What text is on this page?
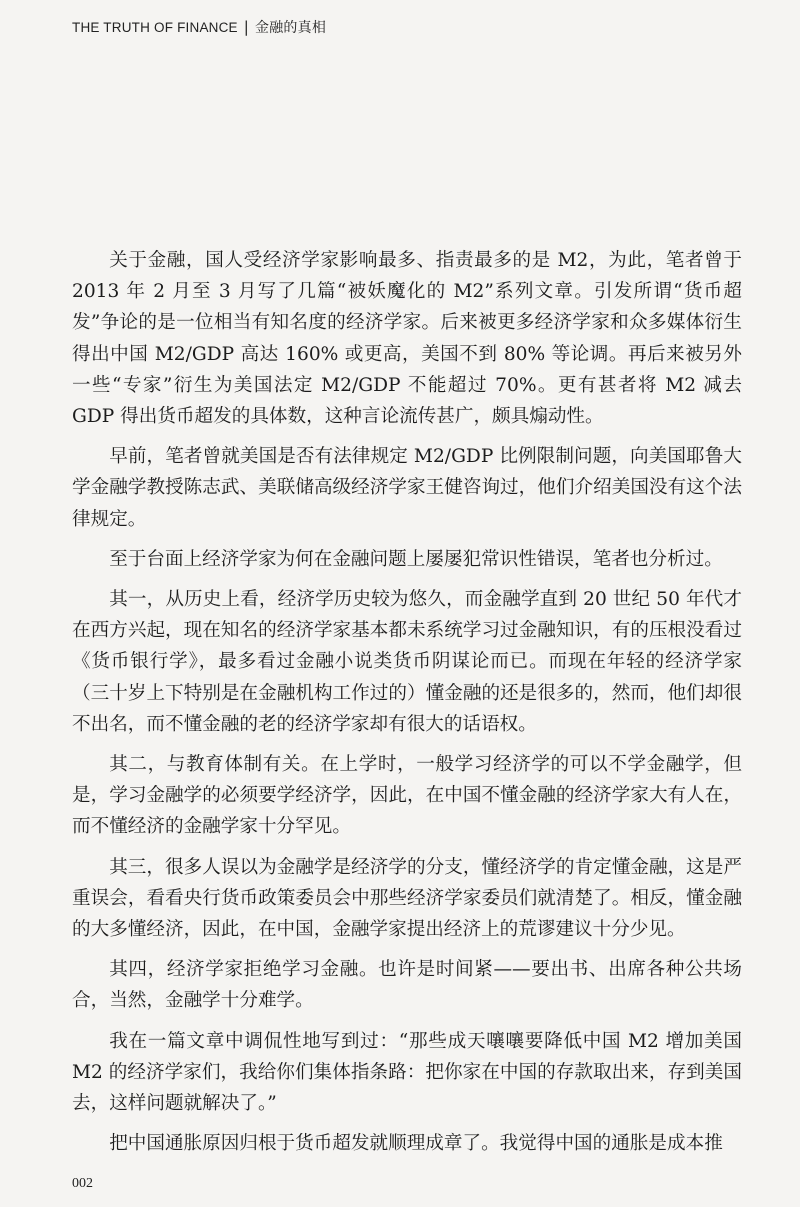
THE TRUTH OF FINANCE | 金融的真相

关于金融，国人受经济学家影响最多、指责最多的是 M2，为此，笔者曾于 2013 年 2 月至 3 月写了几篇“被妖魔化的 M2”系列文章。引发所谓“货币超发”争论的是一位相当有知名度的经济学家。后来被更多经济学家和众多媒体衍生得出中国 M2/GDP 高达 160% 或更高，美国不到 80% 等论调。再后来被另外一些“专家”衍生为美国法定 M2/GDP 不能超过 70%。更有甚者将 M2 减去 GDP 得出货币超发的具体数，这种言论流传甚广，颇具煽动性。

早前，笔者曾就美国是否有法律规定 M2/GDP 比例限制问题，向美国耶鲁大学金融学教授陈志武、美联储高级经济学家王健咨询过，他们介绍美国没有这个法律规定。

至于台面上经济学家为何在金融问题上屡屡犯常识性错误，笔者也分析过。

其一，从历史上看，经济学历史较为悠久，而金融学直到 20 世纪 50 年代才在西方兴起，现在知名的经济学家基本都未系统学习过金融知识，有的压根没看过《货币银行学》，最多看过金融小说类货币阴谋论而已。而现在年轻的经济学家（三十岁上下特别是在金融机构工作过的）懂金融的还是很多的，然而，他们却很不出名，而不懂金融的老的经济学家却有很大的话语权。

其二，与教育体制有关。在上学时，一般学习经济学的可以不学金融学，但是，学习金融学的必须要学经济学，因此，在中国不懂金融的经济学家大有人在，而不懂经济的金融学家十分罕见。

其三，很多人误以为金融学是经济学的分支，懂经济学的肯定懂金融，这是严重误会，看看央行货币政策委员会中那些经济学家委员们就清楚了。相反，懂金融的大多懂经济，因此，在中国，金融学家提出经济上的荒谬建议十分少见。

其四，经济学家拒绝学习金融。也许是时间紧——要出书、出席各种公共场合，当然，金融学十分难学。

我在一篇文章中调侃性地写到过：“那些成天嚷嚷要降低中国 M2 增加美国 M2 的经济学家们，我给你们集体指条路：把你家在中国的存款取出来，存到美国去，这样问题就解决了。”

把中国通胀原因归根于货币超发就顺理成章了。我觉得中国的通胀是成本推

002
